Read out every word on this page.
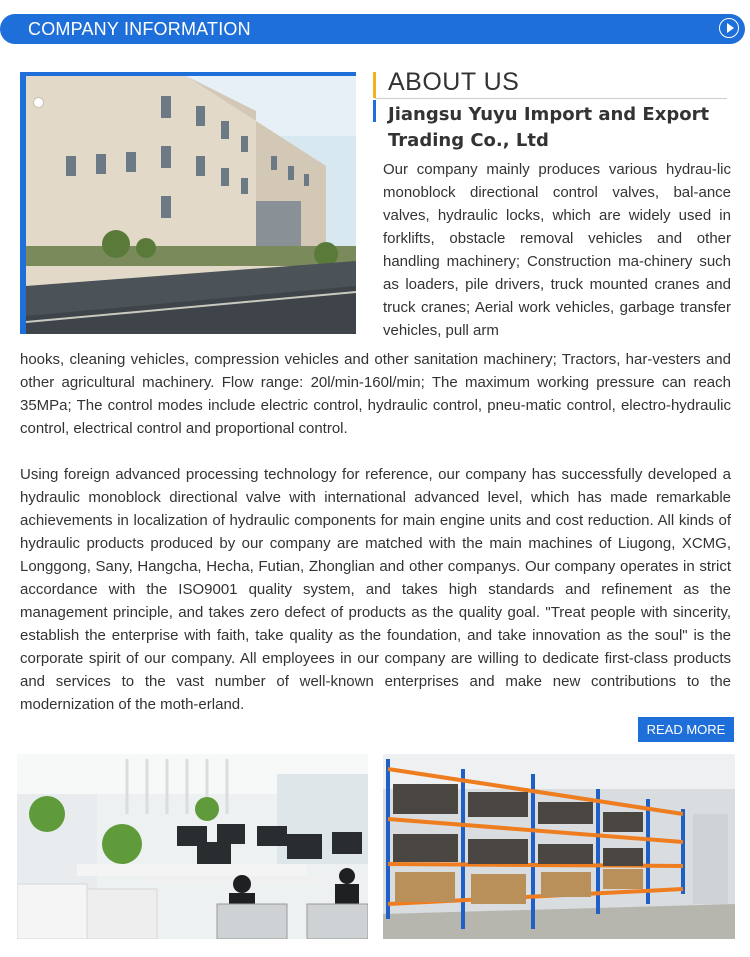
COMPANY INFORMATION
ABOUT US
Jiangsu Yuyu Import and Export Trading Co., Ltd

Our company mainly produces various hydrau-lic monoblock directional control valves, bal-ance valves, hydraulic locks, which are widely used in forklifts, obstacle removal vehicles and other handling machinery; Construction ma-chinery such as loaders, pile drivers, truck mounted cranes and truck cranes; Aerial work vehicles, garbage transfer vehicles, pull arm

hooks, cleaning vehicles, compression vehicles and other sanitation machinery; Tractors, har-vesters and other agricultural machinery. Flow range: 20l/min-160l/min; The maximum working pressure can reach 35MPa; The control modes include electric control, hydraulic control, pneu-matic control, electro-hydraulic control, electrical control and proportional control.

Using foreign advanced processing technology for reference, our company has successfully developed a hydraulic monoblock directional valve with international advanced level, which has made remarkable achievements in localization of hydraulic components for main engine units and cost reduction. All kinds of hydraulic products produced by our company are matched with the main machines of Liugong, XCMG, Longgong, Sany, Hangcha, Hecha, Futian, Zhonglian and other companys. Our company operates in strict accordance with the ISO9001 quality system, and takes high standards and refinement as the management principle, and takes zero defect of products as the quality goal. "Treat people with sincerity, establish the enterprise with faith, take quality as the foundation, and take innovation as the soul" is the corporate spirit of our company. All employees in our company are willing to dedicate first-class products and services to the vast number of well-known enterprises and make new contributions to the modernization of the moth-erland.

READ MORE
